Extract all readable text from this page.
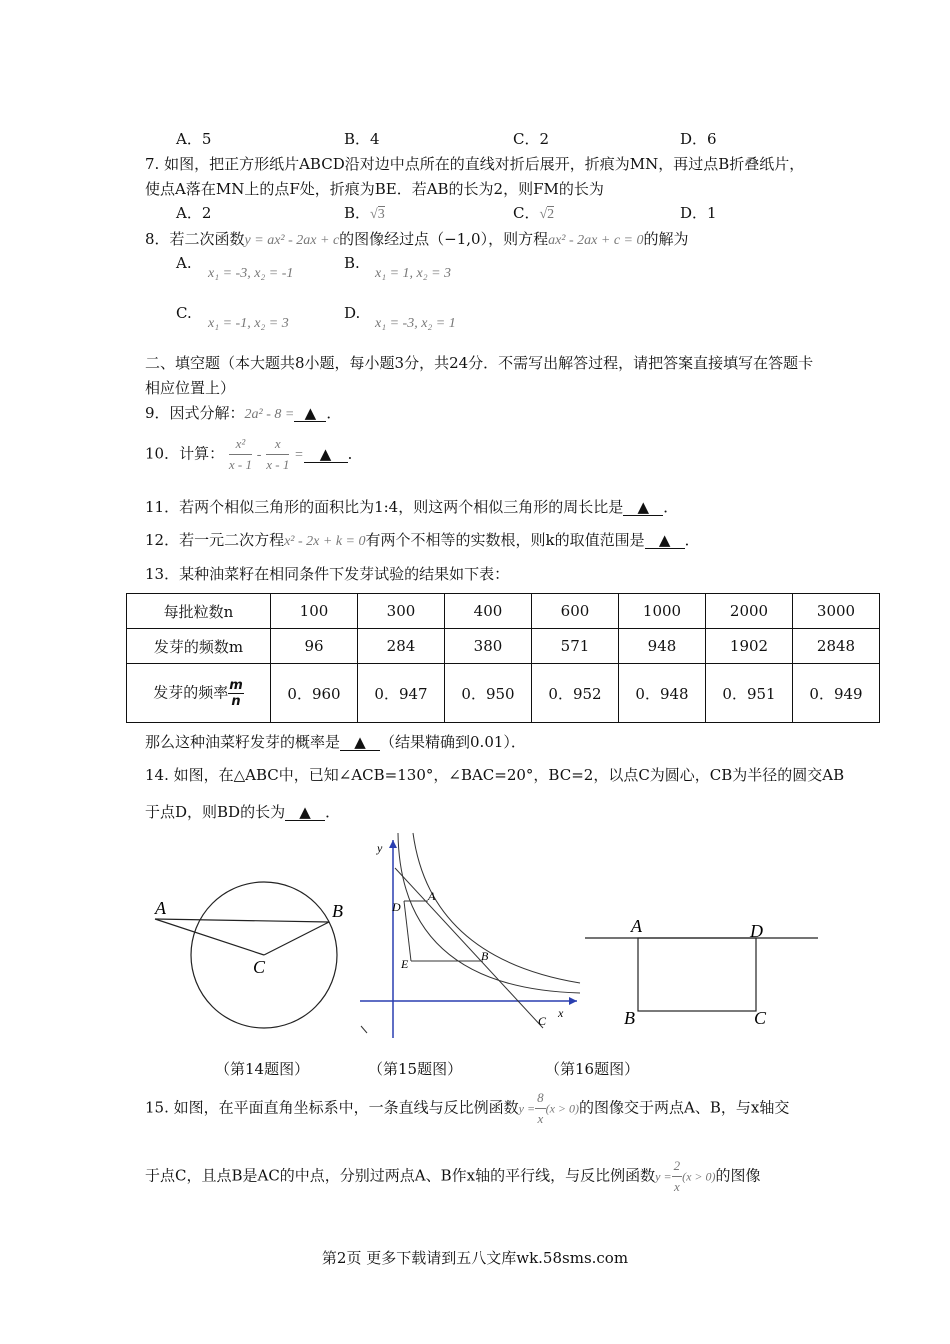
A．5	B．4	C．2	D．6
7. 如图，把正方形纸片ABCD沿对边中点所在的直线对折后展开，折痕为MN，再过点B折叠纸片，
使点A落在MN上的点F处，折痕为BE．若AB的长为2，则FM的长为
A．2	B．√3	C．√2	D．1
8．若二次函数y = ax² - 2ax + c的图像经过点（−1,0），则方程ax² - 2ax + c = 0的解为
A.
x₁ = -3, x₂ = -1
B.
x₁ = 1, x₂ = 3
C.
x₁ = -1, x₂ = 3
D.
x₁ = -3, x₂ = 1
二、填空题（本大题共8小题，每小题3分，共24分．不需写出解答过程，请把答案直接填写在答题卡
相应位置上）
9．因式分解：2a² - 8 = ▲ ．
10．计算： $\frac{\text{x²}}{x - 1} - \frac{x}{x - 1}$ = ▲ ．
11．若两个相似三角形的面积比为1:4，则这两个相似三角形的周长比是 ▲ ．
12．若一元二次方程x² - 2x + k = 0有两个不相等的实数根，则k的取值范围是 ▲ ．
13．某种油菜籽在相同条件下发芽试验的结果如下表：
每批粒数n	100	300	400	600	1000	2000	3000
发芽的频数m	96	284	380	571	948	1902	2848
发芽的频率 $\frac{m}{n}$	0．960	0．947	0．950	0．952	0．948	0．951	0．949
那么这种油菜籽发芽的概率是 ▲ （结果精确到0.01）．
14. 如图，在△ABC中，已知∠ACB=130°，∠BAC=20°，BC=2，以点C为圆心，CB为半径的圆交AB
于点D，则BD的长为 ▲ ．
A	B
C
y
x
A
B
C
D
E
A	D
B	C
（第14题图）	（第15题图）	（第16题图）
15. 如图，在平面直角坐标系中，一条直线与反比例函数$y = \frac{8}{x} (x > 0)$的图像交于两点A、B，与x轴交
于点C，且点B是AC的中点，分别过两点A、B作x轴的平行线，与反比例函数$y = \frac{2}{x} (x > 0)$的图像
第2页 更多下载请到五八文库wk.58sms.com
